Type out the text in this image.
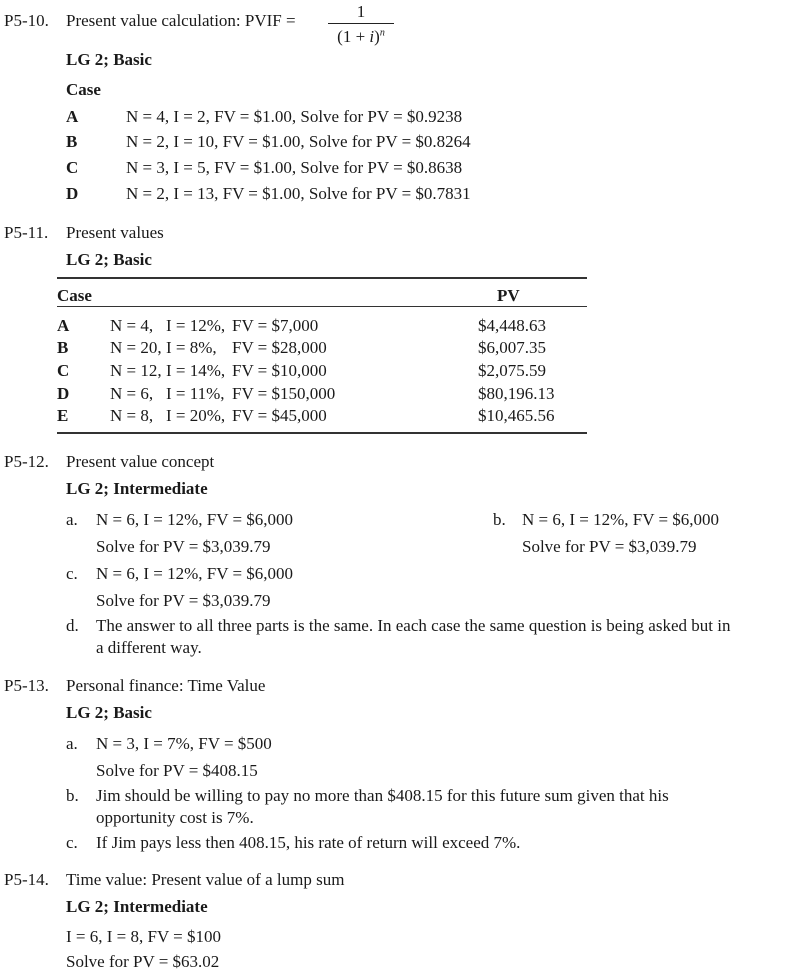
P5-10. Present value calculation: PVIF =	1
$(1 + i)^n$
LG 2; Basic
Case
A	N = 4, I = 2, FV = $1.00, Solve for PV = $0.9238
B	N = 2, I = 10, FV = $1.00, Solve for PV = $0.8264
C	N = 3, I = 5, FV = $1.00, Solve for PV = $0.8638
D	N = 2, I = 13, FV = $1.00, Solve for PV = $0.7831
P5-11. Present values
LG 2; Basic
Case	PV
A N = 4, I = 12%, FV = $7,000	$4,448.63
B N = 20, I = 8%, FV = $28,000	$6,007.35
C N = 12, I = 14%, FV = $10,000	$2,075.59
D N = 6, I = 11%, FV = $150,000	$80,196.13
E N = 8, I = 20%, FV = $45,000	$10,465.56
P5-12. Present value concept
LG 2; Intermediate
a. N = 6, I = 12%, FV = $6,000
Solve for PV = $3,039.79
b. N = 6, I = 12%, FV = $6,000
Solve for PV = $3,039.79
c. N = 6, I = 12%, FV = $6,000
Solve for PV = $3,039.79
d. The answer to all three parts is the same. In each case the same question is being asked but in
a different way.
P5-13. Personal finance: Time Value
LG 2; Basic
a. N = 3, I = 7%, FV = $500
Solve for PV = $408.15
b. Jim should be willing to pay no more than $408.15 for this future sum given that his
opportunity cost is 7%.
c. If Jim pays less then 408.15, his rate of return will exceed 7%.
P5-14. Time value: Present value of a lump sum
LG 2; Intermediate
I = 6, I = 8, FV = $100
Solve for PV = $63.02
